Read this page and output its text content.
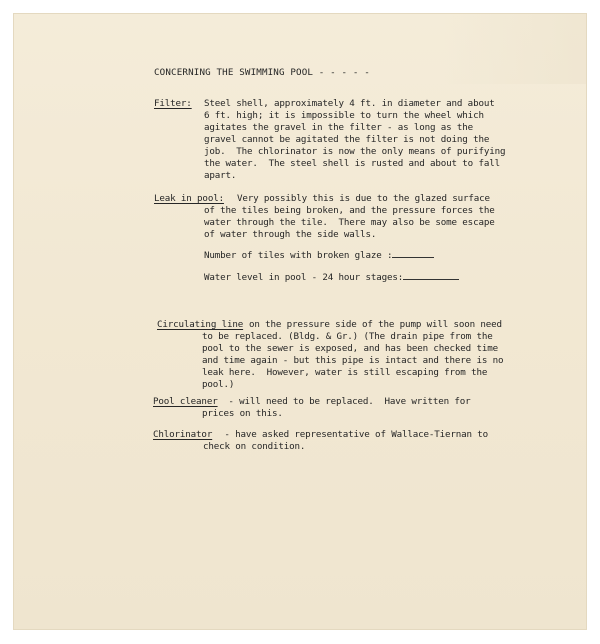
CONCERNING THE SWIMMING POOL - - - - -
Filter: Steel shell, approximately 4 ft. in diameter and about
6 ft. high; it is impossible to turn the wheel which
agitates the gravel in the filter - as long as the
gravel cannot be agitated the filter is not doing the
job.  The chlorinator is now the only means of purifying
the water.  The steel shell is rusted and about to fall
apart.
Leak in pool: Very possibly this is due to the glazed surface
of the tiles being broken, and the pressure forces the
water through the tile.  There may also be some escape
of water through the side walls.
Number of tiles with broken glaze :
Water level in pool - 24 hour stages:
Circulating line on the pressure side of the pump will soon need
to be replaced. (Bldg. & Gr.) (The drain pipe from the
pool to the sewer is exposed, and has been checked time
and time again - but this pipe is intact and there is no
leak here.  However, water is still escaping from the
pool.)
Pool cleaner - will need to be replaced.  Have written for
prices on this.
Chlorinator - have asked representative of Wallace-Tiernan to
check on condition.
